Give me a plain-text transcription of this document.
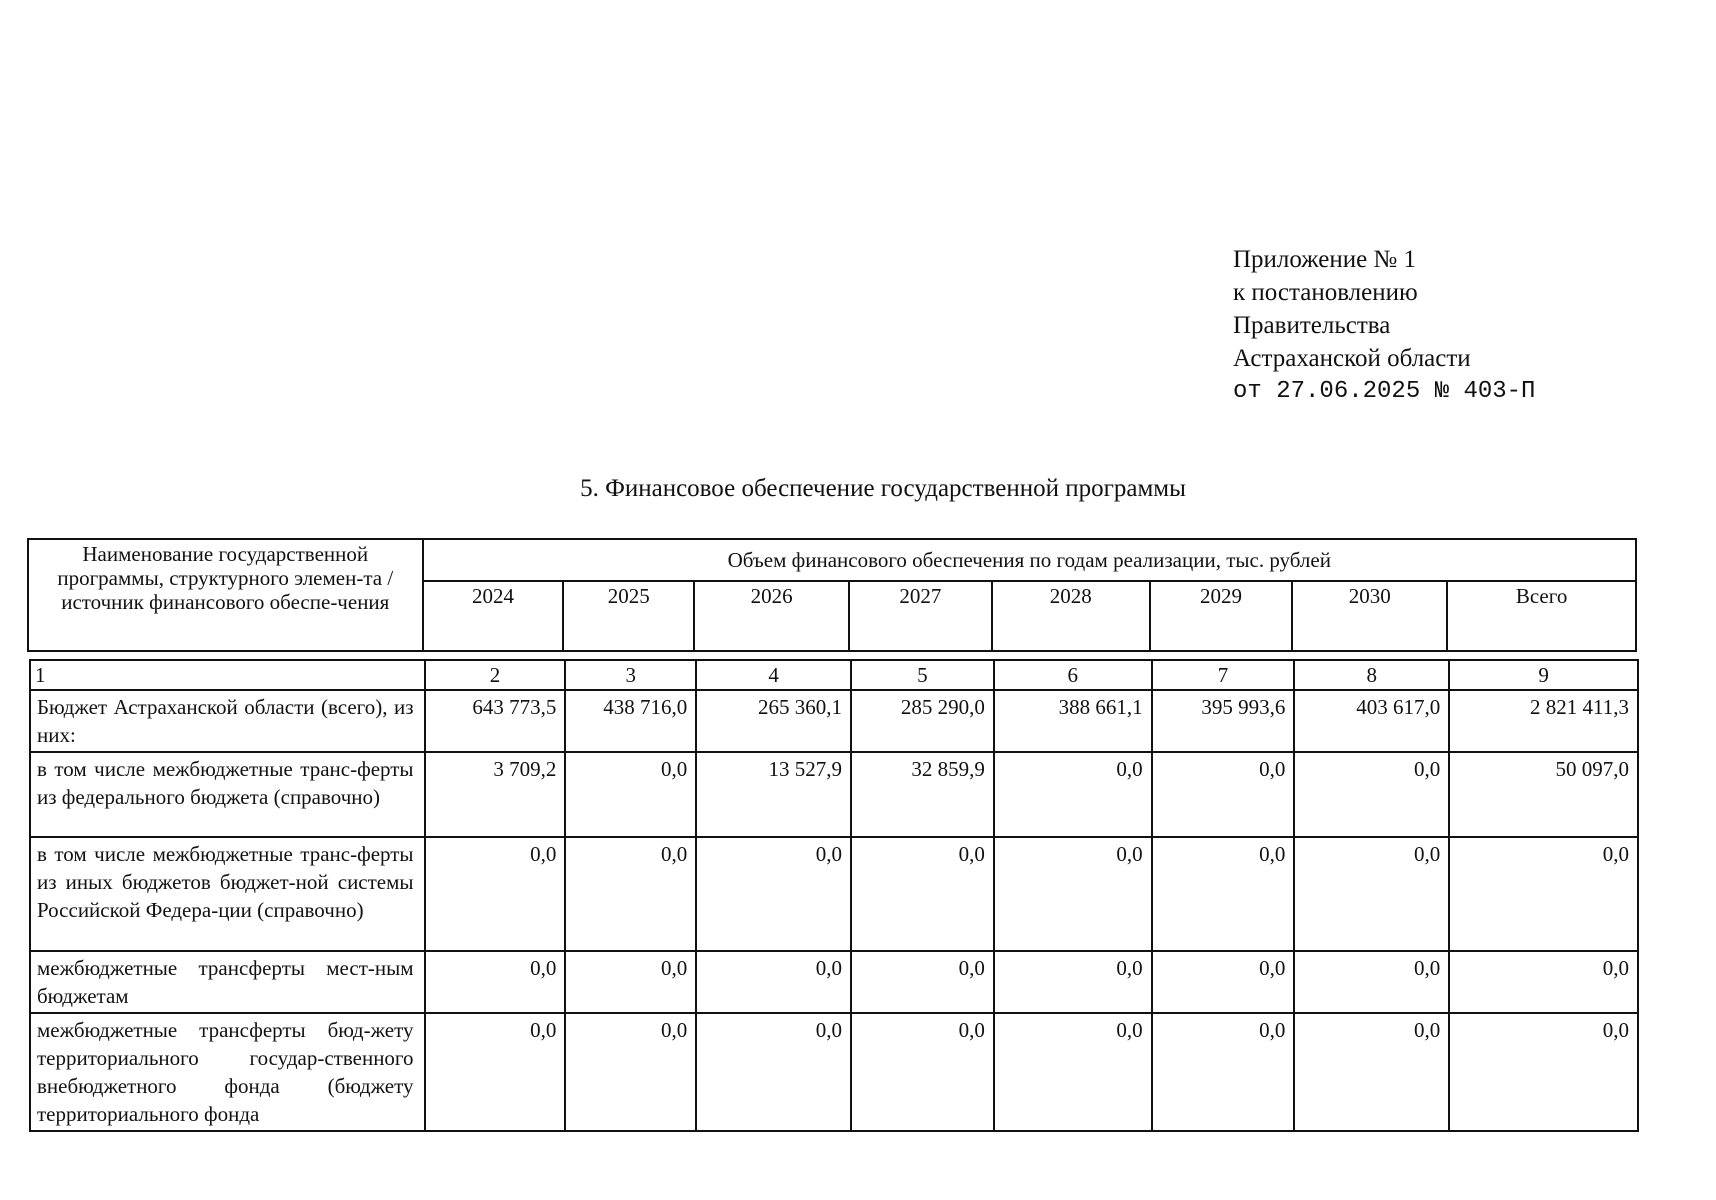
Приложение № 1
к постановлению
Правительства
Астраханской области
от 27.06.2025 № 403-П
5. Финансовое обеспечение государственной программы
Наименование государственной программы, структурного элемен-та / источник финансового обеспе-чения	Объем финансового обеспечения по годам реализации, тыс. рублей							
	2024	2025	2026	2027	2028	2029	2030	Всего
1	2	3	4	5	6	7	8	9
Бюджет Астраханской области (всего), из них:	643 773,5	438 716,0	265 360,1	285 290,0	388 661,1	395 993,6	403 617,0	2 821 411,3
в том числе межбюджетные транс-ферты из федерального бюджета (справочно)	3 709,2	0,0	13 527,9	32 859,9	0,0	0,0	0,0	50 097,0
в том числе межбюджетные транс-ферты из иных бюджетов бюджет-ной системы Российской Федера-ции (справочно)	0,0	0,0	0,0	0,0	0,0	0,0	0,0	0,0
межбюджетные трансферты мест-ным бюджетам	0,0	0,0	0,0	0,0	0,0	0,0	0,0	0,0
межбюджетные трансферты бюд-жету территориального государ-ственного внебюджетного фонда (бюджету территориального фонда	0,0	0,0	0,0	0,0	0,0	0,0	0,0	0,0
